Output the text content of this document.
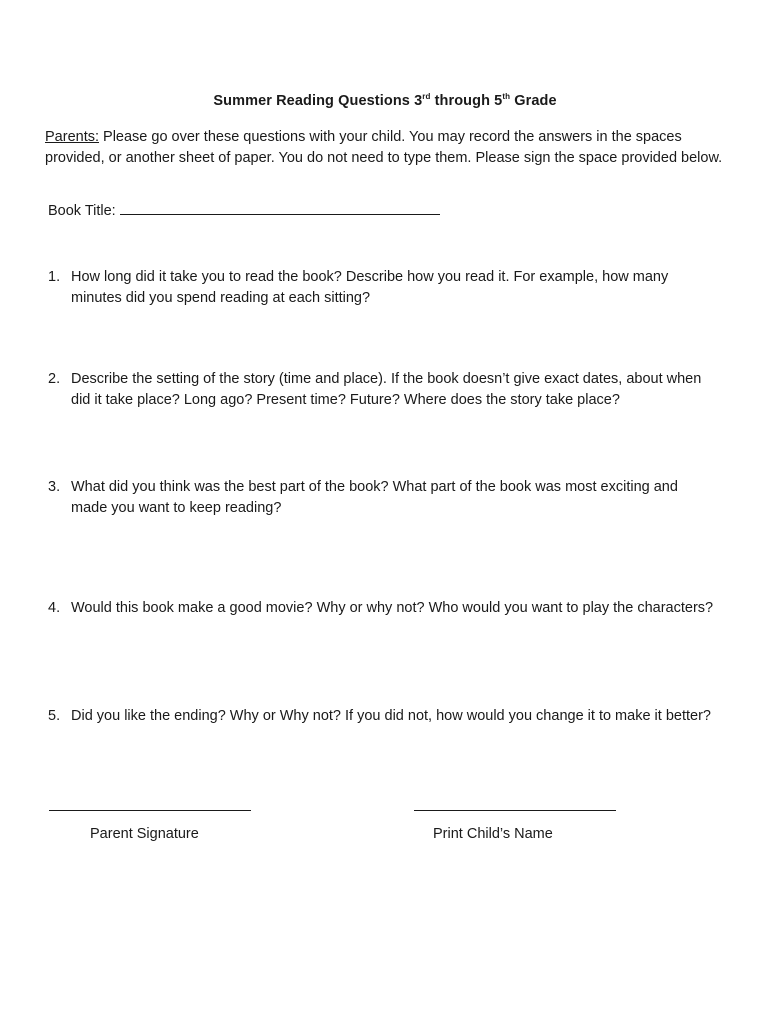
Summer Reading Questions 3rd through 5th Grade
Parents: Please go over these questions with your child. You may record the answers in the spaces provided, or another sheet of paper. You do not need to type them. Please sign the space provided below.
Book Title:
1. How long did it take you to read the book? Describe how you read it. For example, how many minutes did you spend reading at each sitting?
2. Describe the setting of the story (time and place). If the book doesn’t give exact dates, about when did it take place? Long ago? Present time? Future? Where does the story take place?
3. What did you think was the best part of the book? What part of the book was most exciting and made you want to keep reading?
4. Would this book make a good movie? Why or why not? Who would you want to play the characters?
5. Did you like the ending? Why or Why not? If you did not, how would you change it to make it better?
Parent Signature	Print Child’s Name
